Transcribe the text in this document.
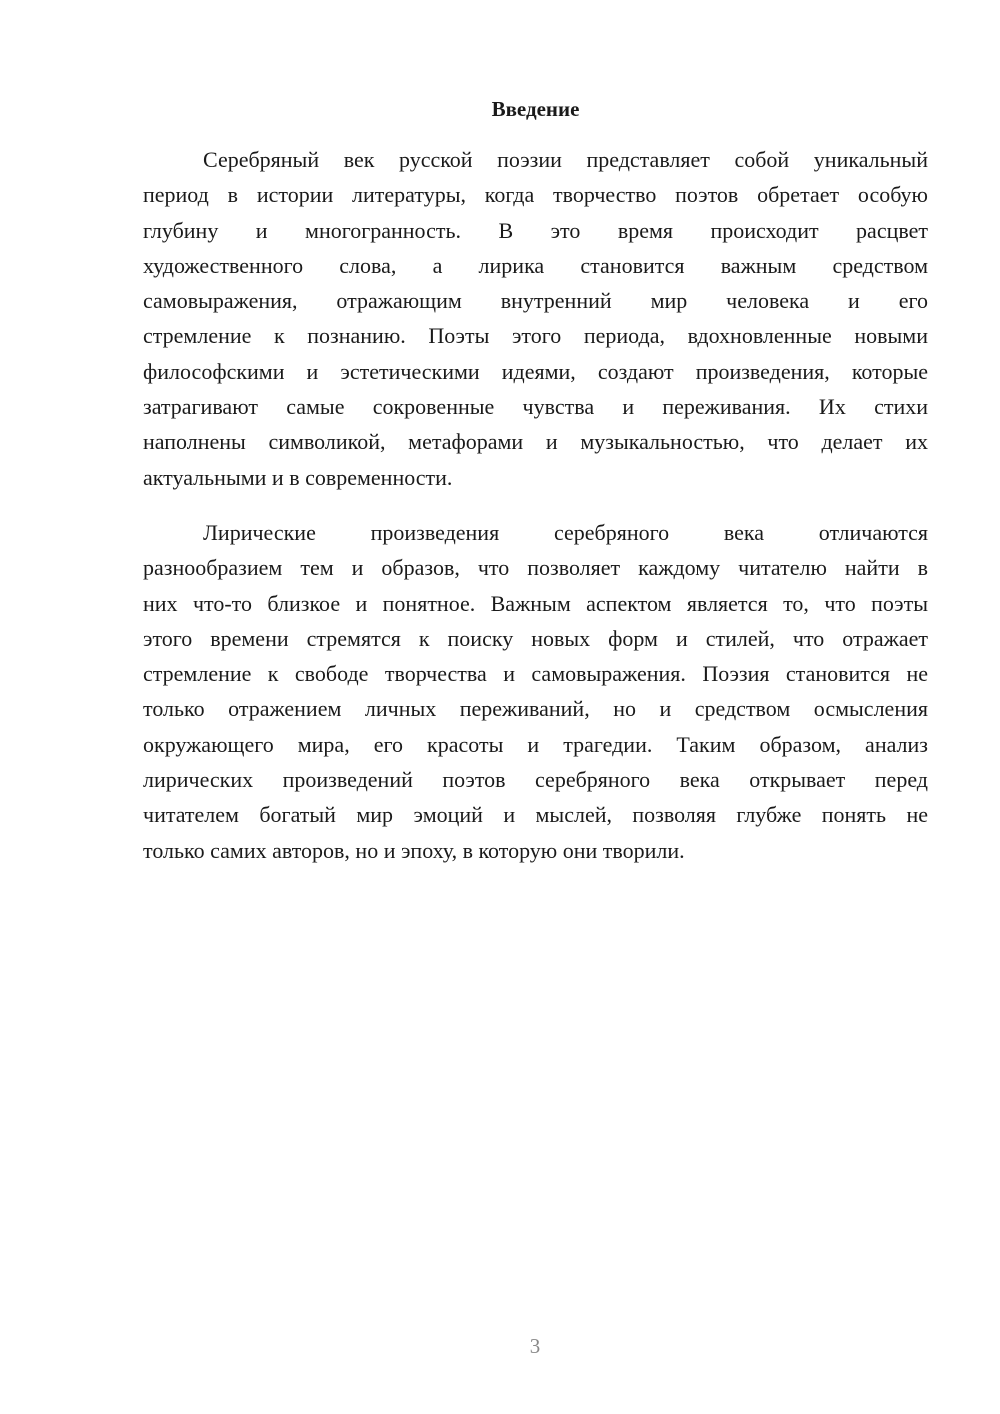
Введение
Серебряный век русской поэзии представляет собой уникальный
период в истории литературы, когда творчество поэтов обретает особую
глубину и многогранность. В это время происходит расцвет
художественного слова, а лирика становится важным средством
самовыражения, отражающим внутренний мир человека и его
стремление к познанию. Поэты этого периода, вдохновленные новыми
философскими и эстетическими идеями, создают произведения, которые
затрагивают самые сокровенные чувства и переживания. Их стихи
наполнены символикой, метафорами и музыкальностью, что делает их
актуальными и в современности.
Лирические произведения серебряного века отличаются
разнообразием тем и образов, что позволяет каждому читателю найти в
них что-то близкое и понятное. Важным аспектом является то, что поэты
этого времени стремятся к поиску новых форм и стилей, что отражает
стремление к свободе творчества и самовыражения. Поэзия становится не
только отражением личных переживаний, но и средством осмысления
окружающего мира, его красоты и трагедии. Таким образом, анализ
лирических произведений поэтов серебряного века открывает перед
читателем богатый мир эмоций и мыслей, позволяя глубже понять не
только самих авторов, но и эпоху, в которую они творили.
3
